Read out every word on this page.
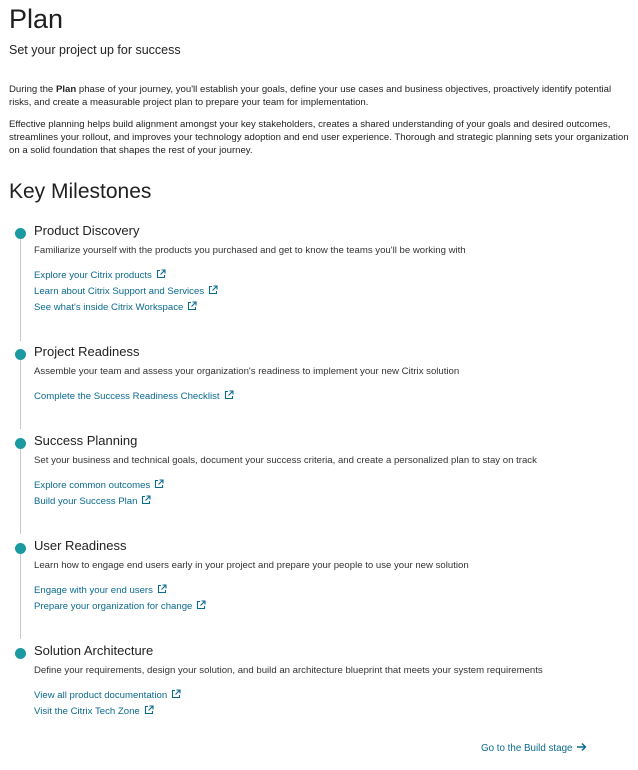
Plan
Set your project up for success

During the Plan phase of your journey, you'll establish your goals, define your use cases and business objectives, proactively identify potential risks, and create a measurable project plan to prepare your team for implementation.

Effective planning helps build alignment amongst your key stakeholders, creates a shared understanding of your goals and desired outcomes, streamlines your rollout, and improves your technology adoption and end user experience. Thorough and strategic planning sets your organization on a solid foundation that shapes the rest of your journey.

Key Milestones
Product Discovery
Familiarize yourself with the products you purchased and get to know the teams you'll be working with
Explore your Citrix products
Learn about Citrix Support and Services
See what's inside Citrix Workspace
Project Readiness
Assemble your team and assess your organization's readiness to implement your new Citrix solution
Complete the Success Readiness Checklist
Success Planning
Set your business and technical goals, document your success criteria, and create a personalized plan to stay on track
Explore common outcomes
Build your Success Plan
User Readiness
Learn how to engage end users early in your project and prepare your people to use your new solution
Engage with your end users
Prepare your organization for change
Solution Architecture
Define your requirements, design your solution, and build an architecture blueprint that meets your system requirements
View all product documentation
Visit the Citrix Tech Zone
Go to the Build stage
